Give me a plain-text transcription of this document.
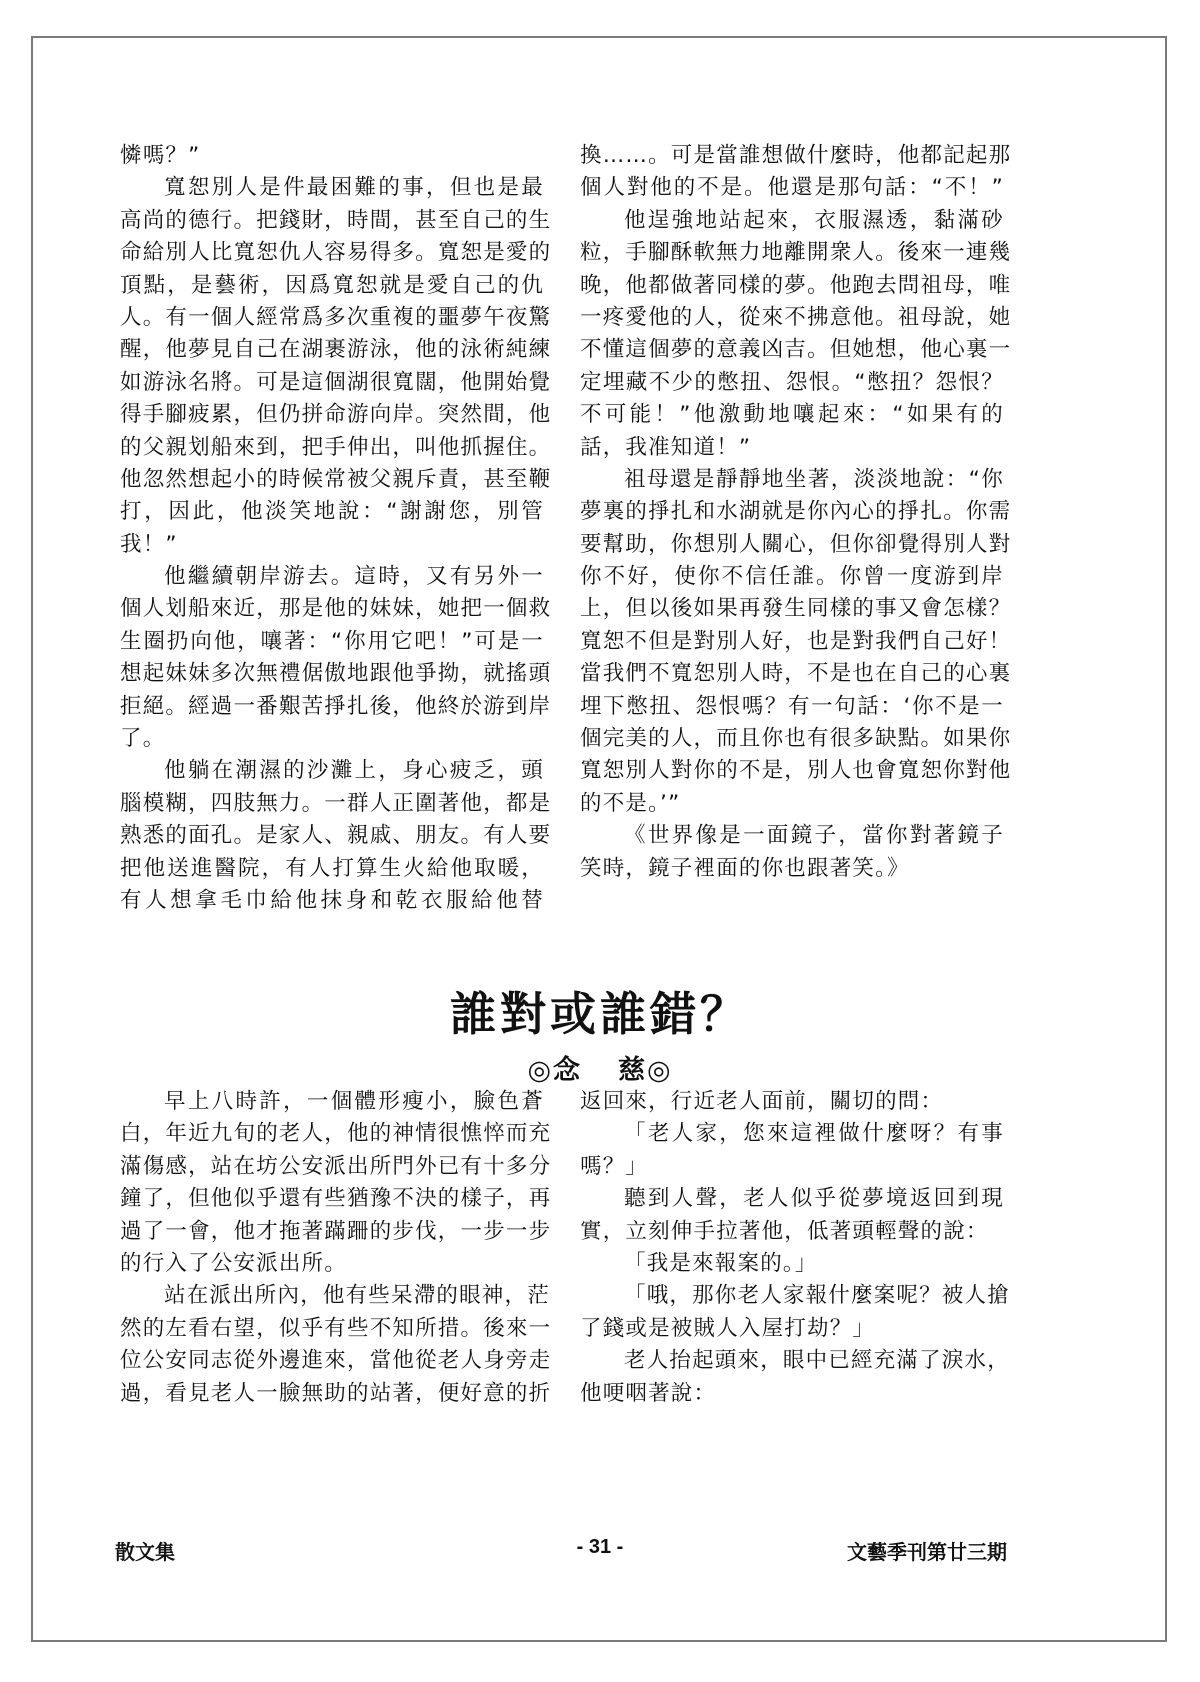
憐嗎？”
寬恕別人是件最困難的事，但也是最
高尚的德行。把錢財，時間，甚至自己的生
命給別人比寬恕仇人容易得多。寬恕是愛的
頂點，是藝術，因爲寬恕就是愛自己的仇
人。有一個人經常爲多次重複的噩夢午夜驚
醒，他夢見自己在湖裹游泳，他的泳術純練
如游泳名將。可是這個湖很寬闊，他開始覺
得手腳疲累，但仍拼命游向岸。突然間，他
的父親划船來到，把手伸出，叫他抓握住。
他忽然想起小的時候常被父親斥責，甚至鞭
打，因此，他淡笑地說：“謝謝您，別管
我！”
他繼續朝岸游去。這時，又有另外一
個人划船來近，那是他的妹妹，她把一個救
生圈扔向他，嚷著：“你用它吧！”可是一
想起妹妹多次無禮倨傲地跟他爭拗，就搖頭
拒絕。經過一番艱苦掙扎後，他終於游到岸
了。
他躺在潮濕的沙灘上，身心疲乏，頭
腦模糊，四肢無力。一群人正圍著他，都是
熟悉的面孔。是家人、親戚、朋友。有人要
把他送進醫院，有人打算生火給他取暖，
有人想拿毛巾給他抹身和乾衣服給他替
換……。可是當誰想做什麼時，他都記起那
個人對他的不是。他還是那句話：“不！”
他逞強地站起來，衣服濕透，黏滿砂
粒，手腳酥軟無力地離開衆人。後來一連幾
晚，他都做著同樣的夢。他跑去問祖母，唯
一疼愛他的人，從來不拂意他。祖母說，她
不懂這個夢的意義凶吉。但她想，他心裏一
定埋藏不少的憋扭、怨恨。“憋扭？怨恨？
不可能！”他激動地嚷起來：“如果有的
話，我准知道！”
祖母還是靜靜地坐著，淡淡地說：“你
夢裏的掙扎和水湖就是你內心的掙扎。你需
要幫助，你想別人關心，但你卻覺得別人對
你不好，使你不信任誰。你曾一度游到岸
上，但以後如果再發生同樣的事又會怎樣？
寬恕不但是對別人好，也是對我們自己好！
當我們不寬恕別人時，不是也在自己的心裏
埋下憋扭、怨恨嗎？有一句話：‘你不是一
個完美的人，而且你也有很多缺點。如果你
寬恕別人對你的不是，別人也會寬恕你對他
的不是。’”
《世界像是一面鏡子，當你對著鏡子
笑時，鏡子裡面的你也跟著笑。》
誰對或誰錯？
◎念 慈◎
早上八時許，一個體形瘦小，臉色蒼
白，年近九旬的老人，他的神情很憔悴而充
滿傷感，站在坊公安派出所門外已有十多分
鐘了，但他似乎還有些猶豫不決的樣子，再
過了一會，他才拖著蹣跚的步伐，一步一步
的行入了公安派出所。
站在派出所內，他有些呆滯的眼神，茫
然的左看右望，似乎有些不知所措。後來一
位公安同志從外邊進來，當他從老人身旁走
過，看見老人一臉無助的站著，便好意的折
返回來，行近老人面前，關切的問：
「老人家，您來這裡做什麼呀？有事
嗎？」
聽到人聲，老人似乎從夢境返回到現
實，立刻伸手拉著他，低著頭輕聲的說：
「我是來報案的。」
「哦，那你老人家報什麼案呢？被人搶
了錢或是被賊人入屋打劫？」
老人抬起頭來，眼中已經充滿了淚水，
他哽咽著說：
散文集	- 31 -	文藝季刊第廿三期
